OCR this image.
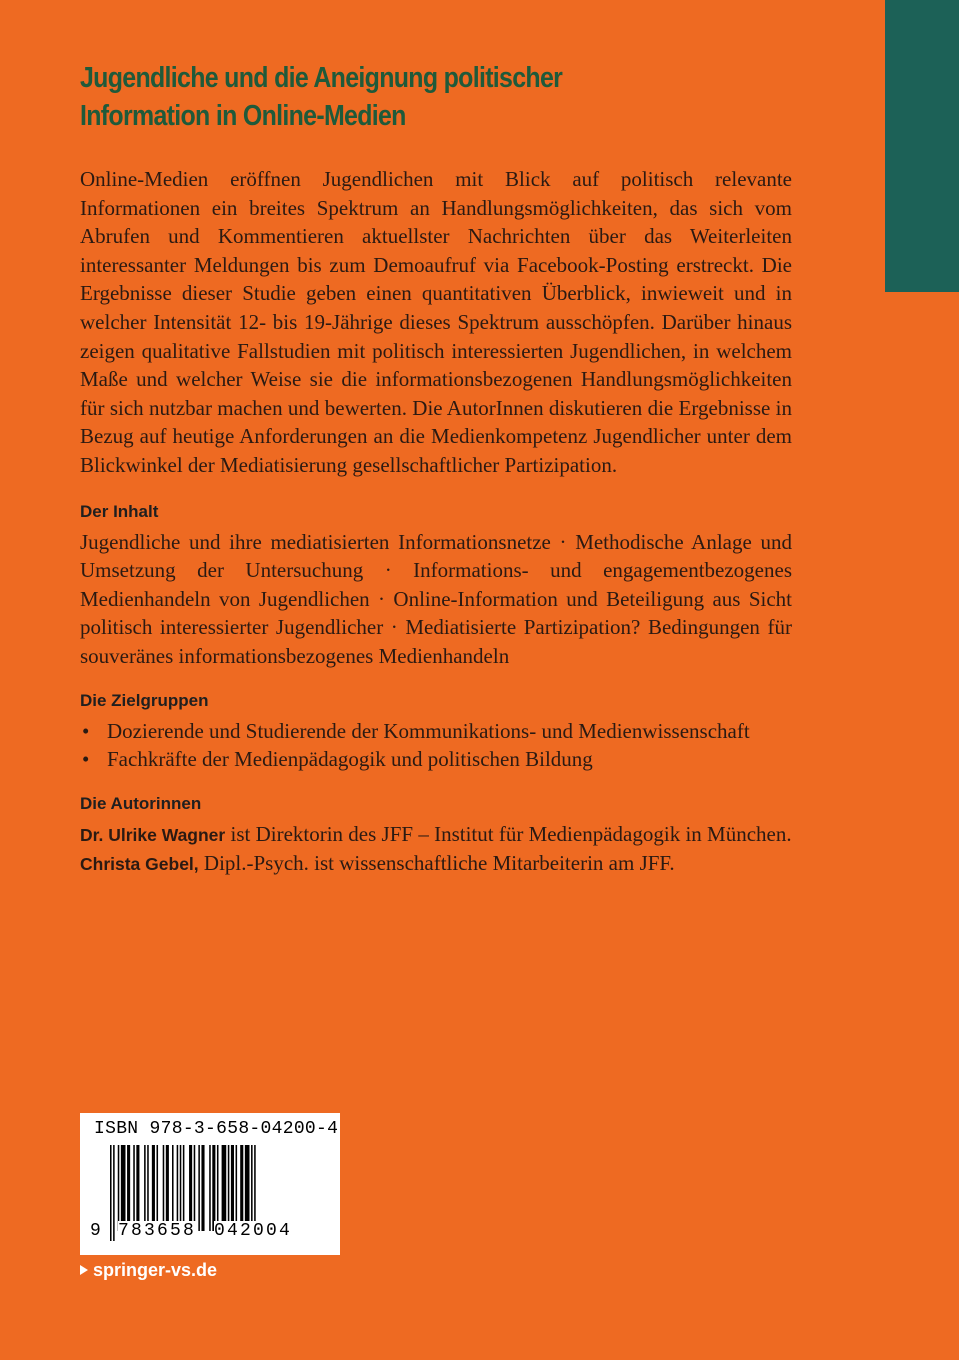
Jugendliche und die Aneignung politischer
Information in Online-Medien

Online-Medien eröffnen Jugendlichen mit Blick auf politisch relevante Informationen ein breites Spektrum an Handlungsmöglichkeiten, das sich vom Abrufen und Kommentieren aktuellster Nachrichten über das Weiterleiten interessanter Meldungen bis zum Demoaufruf via Facebook-Posting erstreckt. Die Ergebnisse dieser Studie geben einen quantitativen Überblick, inwieweit und in welcher Intensität 12- bis 19-Jährige dieses Spektrum ausschöpfen. Darüber hinaus zeigen qualitative Fallstudien mit politisch interessierten Jugendlichen, in welchem Maße und welcher Weise sie die informationsbezogenen Handlungsmöglichkeiten für sich nutzbar machen und bewerten. Die AutorInnen diskutieren die Ergebnisse in Bezug auf heutige Anforderungen an die Medienkompetenz Jugendlicher unter dem Blickwinkel der Mediatisierung gesellschaftlicher Partizipation.

Der Inhalt

Jugendliche und ihre mediatisierten Informationsnetze · Methodische Anlage und Umsetzung der Untersuchung · Informations- und engagementbezogenes Medienhandeln von Jugendlichen · Online-Information und Beteiligung aus Sicht politisch interessierter Jugendlicher · Mediatisierte Partizipation? Bedingungen für souveränes informationsbezogenes Medienhandeln

Die Zielgruppen
• Dozierende und Studierende der Kommunikations- und Medienwissenschaft
• Fachkräfte der Medienpädagogik und politischen Bildung
Die Autorinnen

Dr. Ulrike Wagner ist Direktorin des JFF – Institut für Medienpädagogik in München.

Christa Gebel, Dipl.-Psych. ist wissenschaftliche Mitarbeiterin am JFF.

ISBN 978-3-658-04200-4
9 783658 042004
springer-vs.de
